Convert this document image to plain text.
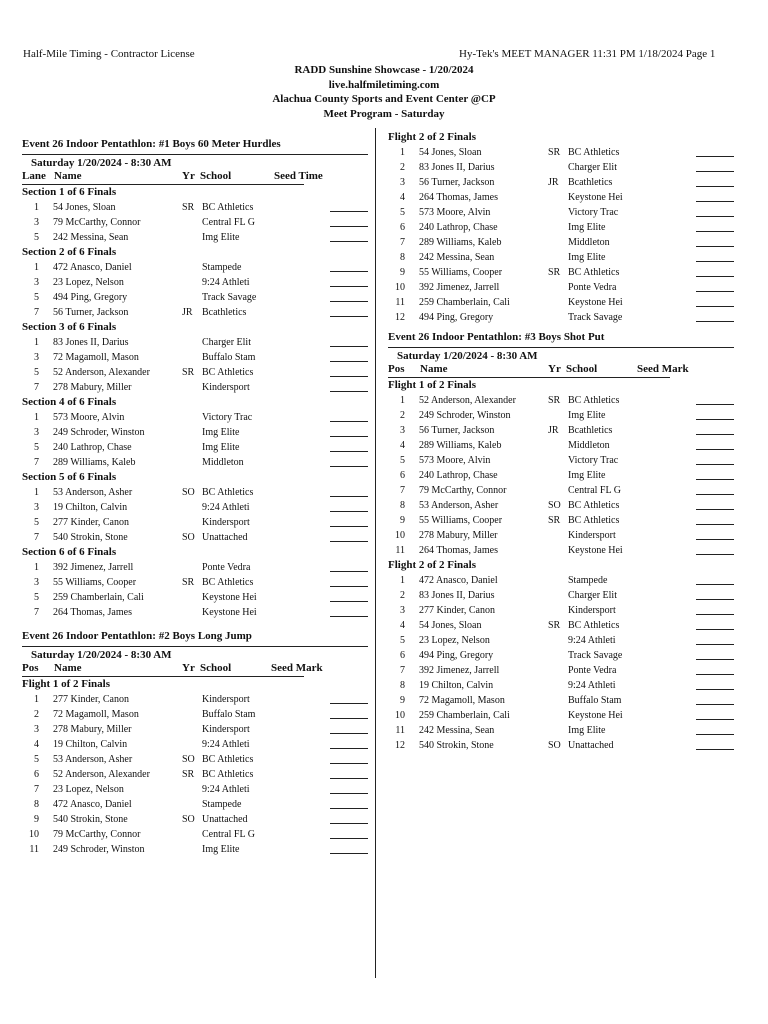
Half-Mile Timing - Contractor License	Hy-Tek's MEET MANAGER 11:31 PM 1/18/2024 Page 1
RADD Sunshine Showcase - 1/20/2024
live.halfmiletiming.com
Alachua County Sports and Event Center @CP
Meet Program - Saturday
Event 26 Indoor Pentathlon: #1 Boys 60 Meter Hurdles
Saturday 1/20/2024 - 8:30 AM
Lane Name	Yr School	Seed Time
Section 1 of 6 Finals
1 54 Jones, Sloan	SR BC Athletics
3 79 McCarthy, Connor	Central FL G
5 242 Messina, Sean	Img Elite
Section 2 of 6 Finals
1 472 Anasco, Daniel	Stampede
3 23 Lopez, Nelson	9:24 Athleti
5 494 Ping, Gregory	Track Savage
7 56 Turner, Jackson	JR Bcathletics
Section 3 of 6 Finals
1 83 Jones II, Darius	Charger Elit
3 72 Magamoll, Mason	Buffalo Stam
5 52 Anderson, Alexander	SR BC Athletics
7 278 Mabury, Miller	Kindersport
Section 4 of 6 Finals
1 573 Moore, Alvin	Victory Trac
3 249 Schroder, Winston	Img Elite
5 240 Lathrop, Chase	Img Elite
7 289 Williams, Kaleb	Middleton
Section 5 of 6 Finals
1 53 Anderson, Asher	SO BC Athletics
3 19 Chilton, Calvin	9:24 Athleti
5 277 Kinder, Canon	Kindersport
7 540 Strokin, Stone	SO Unattached
Section 6 of 6 Finals
1 392 Jimenez, Jarrell	Ponte Vedra
3 55 Williams, Cooper	SR BC Athletics
5 259 Chamberlain, Cali	Keystone Hei
7 264 Thomas, James	Keystone Hei
Event 26 Indoor Pentathlon: #2 Boys Long Jump
Saturday 1/20/2024 - 8:30 AM
Pos Name	Yr School	Seed Mark
Flight 1 of 2 Finals
1 277 Kinder, Canon	Kindersport
2 72 Magamoll, Mason	Buffalo Stam
3 278 Mabury, Miller	Kindersport
4 19 Chilton, Calvin	9:24 Athleti
5 53 Anderson, Asher	SO BC Athletics
6 52 Anderson, Alexander	SR BC Athletics
7 23 Lopez, Nelson	9:24 Athleti
8 472 Anasco, Daniel	Stampede
9 540 Strokin, Stone	SO Unattached
10 79 McCarthy, Connor	Central FL G
11 249 Schroder, Winston	Img Elite
Flight 2 of 2 Finals
1 54 Jones, Sloan	SR BC Athletics
2 83 Jones II, Darius	Charger Elit
3 56 Turner, Jackson	JR Bcathletics
4 264 Thomas, James	Keystone Hei
5 573 Moore, Alvin	Victory Trac
6 240 Lathrop, Chase	Img Elite
7 289 Williams, Kaleb	Middleton
8 242 Messina, Sean	Img Elite
9 55 Williams, Cooper	SR BC Athletics
10 392 Jimenez, Jarrell	Ponte Vedra
11 259 Chamberlain, Cali	Keystone Hei
12 494 Ping, Gregory	Track Savage
Event 26 Indoor Pentathlon: #3 Boys Shot Put
Saturday 1/20/2024 - 8:30 AM
Pos Name	Yr School	Seed Mark
Flight 1 of 2 Finals
1 52 Anderson, Alexander	SR BC Athletics
2 249 Schroder, Winston	Img Elite
3 56 Turner, Jackson	JR Bcathletics
4 289 Williams, Kaleb	Middleton
5 573 Moore, Alvin	Victory Trac
6 240 Lathrop, Chase	Img Elite
7 79 McCarthy, Connor	Central FL G
8 53 Anderson, Asher	SO BC Athletics
9 55 Williams, Cooper	SR BC Athletics
10 278 Mabury, Miller	Kindersport
11 264 Thomas, James	Keystone Hei
Flight 2 of 2 Finals
1 472 Anasco, Daniel	Stampede
2 83 Jones II, Darius	Charger Elit
3 277 Kinder, Canon	Kindersport
4 54 Jones, Sloan	SR BC Athletics
5 23 Lopez, Nelson	9:24 Athleti
6 494 Ping, Gregory	Track Savage
7 392 Jimenez, Jarrell	Ponte Vedra
8 19 Chilton, Calvin	9:24 Athleti
9 72 Magamoll, Mason	Buffalo Stam
10 259 Chamberlain, Cali	Keystone Hei
11 242 Messina, Sean	Img Elite
12 540 Strokin, Stone	SO Unattached
